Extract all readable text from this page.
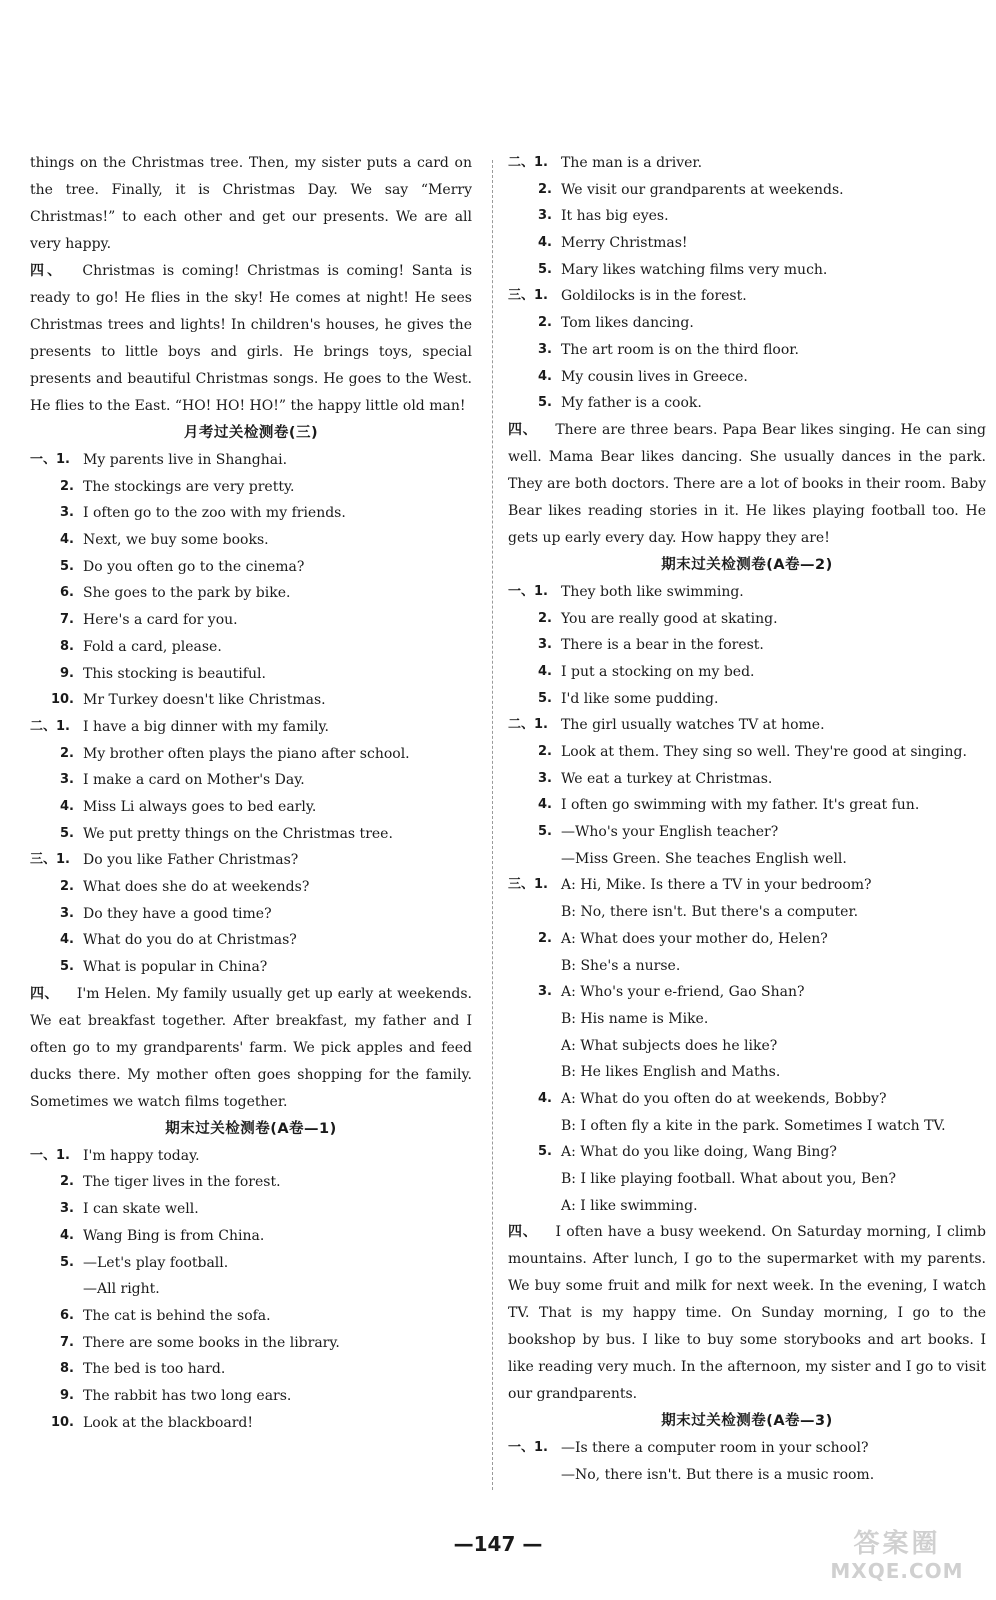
things on the Christmas tree. Then, my sister puts a card on the tree. Finally, it is Christmas Day. We say “Merry Christmas!” to each other and get our presents. We are all very happy.

四、 Christmas is coming! Christmas is coming! Santa is ready to go! He flies in the sky! He comes at night! He sees Christmas trees and lights! In children's houses, he gives the presents to little boys and girls. He brings toys, special presents and beautiful Christmas songs. He goes to the West. He flies to the East. “HO! HO! HO!” the happy little old man!

月考过关检测卷(三)
一、1. My parents live in Shanghai.
2. The stockings are very pretty.
3. I often go to the zoo with my friends.
4. Next, we buy some books.
5. Do you often go to the cinema?
6. She goes to the park by bike.
7. Here's a card for you.
8. Fold a card, please.
9. This stocking is beautiful.
10. Mr Turkey doesn't like Christmas.
二、1. I have a big dinner with my family.
2. My brother often plays the piano after school.
3. I make a card on Mother's Day.
4. Miss Li always goes to bed early.
5. We put pretty things on the Christmas tree.
三、1. Do you like Father Christmas?
2. What does she do at weekends?
3. Do they have a good time?
4. What do you do at Christmas?
5. What is popular in China?

四、 I'm Helen. My family usually get up early at weekends. We eat breakfast together. After breakfast, my father and I often go to my grandparents' farm. We pick apples and feed ducks there. My mother often goes shopping for the family. Sometimes we watch films together.

期末过关检测卷(A卷—1)
一、1. I'm happy today.
2. The tiger lives in the forest.
3. I can skate well.
4. Wang Bing is from China.
5. —Let's play football.
—All right.
6. The cat is behind the sofa.
7. There are some books in the library.
8. The bed is too hard.
9. The rabbit has two long ears.
10. Look at the blackboard!
二、1. The man is a driver.
2. We visit our grandparents at weekends.
3. It has big eyes.
4. Merry Christmas!
5. Mary likes watching films very much.
三、1. Goldilocks is in the forest.
2. Tom likes dancing.
3. The art room is on the third floor.
4. My cousin lives in Greece.
5. My father is a cook.

四、 There are three bears. Papa Bear likes singing. He can sing well. Mama Bear likes dancing. She usually dances in the park. They are both doctors. There are a lot of books in their room. Baby Bear likes reading stories in it. He likes playing football too. He gets up early every day. How happy they are!

期末过关检测卷(A卷—2)
一、1. They both like swimming.
2. You are really good at skating.
3. There is a bear in the forest.
4. I put a stocking on my bed.
5. I'd like some pudding.
二、1. The girl usually watches TV at home.
2. Look at them. They sing so well. They're good at singing.
3. We eat a turkey at Christmas.
4. I often go swimming with my father. It's great fun.
5. —Who's your English teacher?
—Miss Green. She teaches English well.
三、1. A: Hi, Mike. Is there a TV in your bedroom?
B: No, there isn't. But there's a computer.
2. A: What does your mother do, Helen?
B: She's a nurse.
3. A: Who's your e-friend, Gao Shan?
B: His name is Mike.
A: What subjects does he like?
B: He likes English and Maths.
4. A: What do you often do at weekends, Bobby?
B: I often fly a kite in the park. Sometimes I watch TV.
5. A: What do you like doing, Wang Bing?
B: I like playing football. What about you, Ben?
A: I like swimming.

四、 I often have a busy weekend. On Saturday morning, I climb mountains. After lunch, I go to the supermarket with my parents. We buy some fruit and milk for next week. In the evening, I watch TV. That is my happy time. On Sunday morning, I go to the bookshop by bus. I like to buy some storybooks and art books. I like reading very much. In the afternoon, my sister and I go to visit our grandparents.

期末过关检测卷(A卷—3)
一、1. —Is there a computer room in your school?
—No, there isn't. But there is a music room.
—147 —	答案圈
MXQE.COM
